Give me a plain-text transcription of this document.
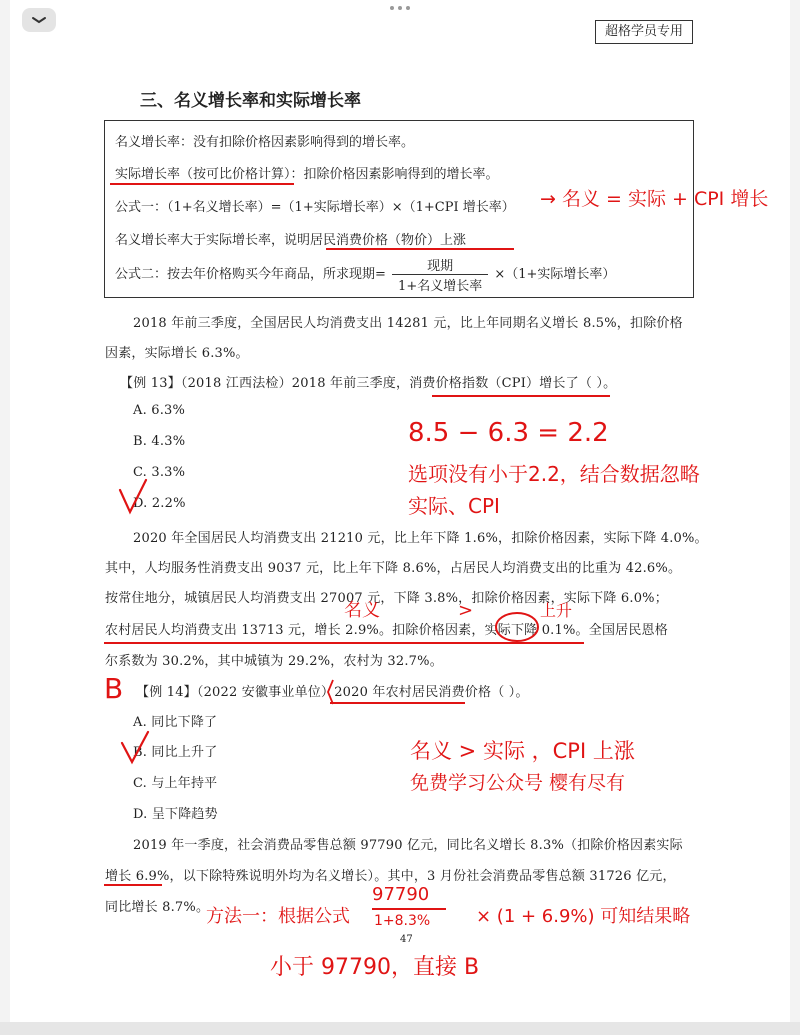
超格学员专用
三、名义增长率和实际增长率
名义增长率：没有扣除价格因素影响得到的增长率。
实际增长率（按可比价格计算）：扣除价格因素影响得到的增长率。
公式一：（1+名义增长率）=（1+实际增长率）×（1+CPI 增长率）
名义增长率大于实际增长率，说明居民消费价格（物价）上涨
公式二：按去年价格购买今年商品，所求现期= $\frac{\text{现期}}{\text{1+名义增长率}} \times(1+$实际增长率）
2018 年前三季度，全国居民人均消费支出 14281 元，比上年同期名义增长 8.5%，扣除价格
因素，实际增长 6.3%。
【例 13】（2018 江西法检）2018 年前三季度，消费价格指数（CPI）增长了（ ）。
A. 6.3%
B. 4.3%
C. 3.3%
D. 2.2%
2020 年全国居民人均消费支出 21210 元，比上年下降 1.6%，扣除价格因素，实际下降 4.0%。
其中，人均服务性消费支出 9037 元，比上年下降 8.6%，占居民人均消费支出的比重为 42.6%。
按常住地分，城镇居民人均消费支出 27007 元，下降 3.8%，扣除价格因素，实际下降 6.0%；
农村居民人均消费支出 13713 元，增长 2.9%。扣除价格因素，实际下降 0.1%。全国居民恩格
尔系数为 30.2%，其中城镇为 29.2%，农村为 32.7%。
【例 14】（2022 安徽事业单位）2020 年农村居民消费价格（ ）。
A. 同比下降了
B. 同比上升了
C. 与上年持平
D. 呈下降趋势
2019 年一季度，社会消费品零售总额 97790 亿元，同比名义增长 8.3%（扣除价格因素实际
增长 6.9%，以下除特殊说明外均为名义增长）。其中，3 月份社会消费品零售总额 31726 亿元，
同比增长 8.7%。
47
→ 名义 = 实际 + CPI 增长
8.5 − 6.3 = 2.2
选项没有小于2.2，结合数据忽略
实际、CPI
名义	>	上升
B
名义 > 实际 ，CPI 上涨
免费学习公众号 樱有尽有
方法一：根据公式
97790
1+8.3%	× (1 + 6.9%) 可知结果略
小于 97790，直接 B
